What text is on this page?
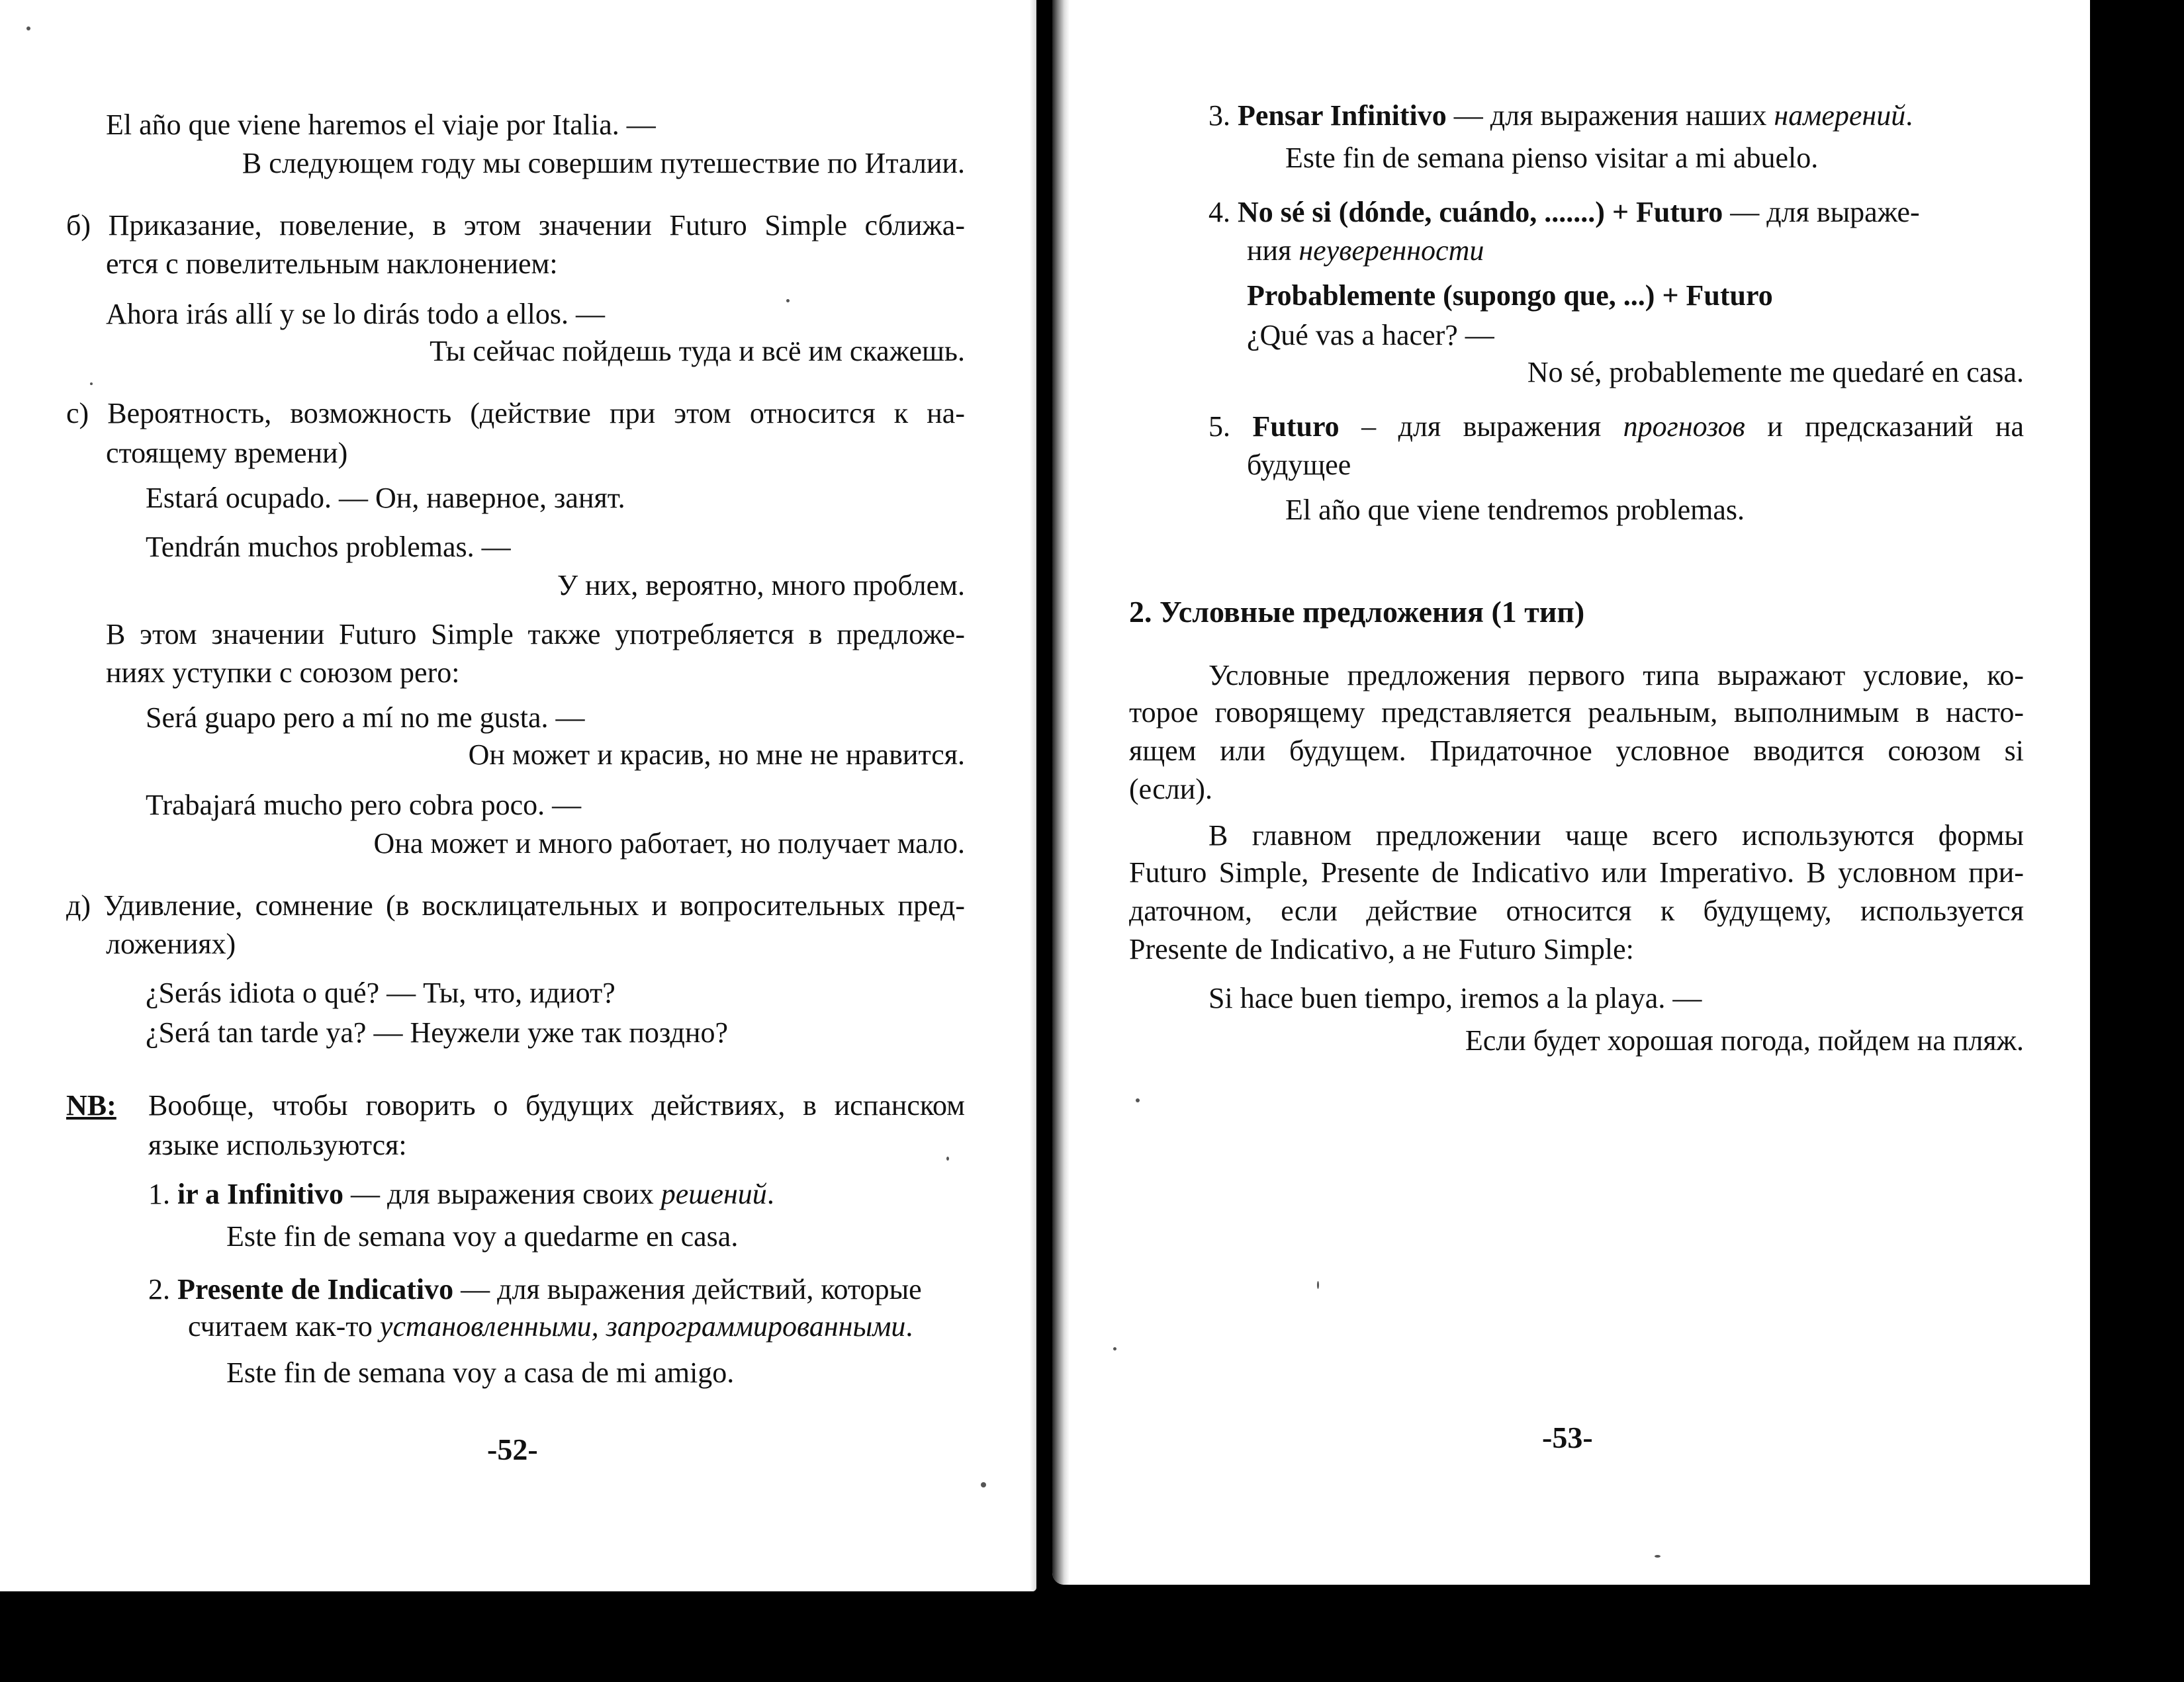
El año que viene haremos el viaje por Italia. —
В следующем году мы совершим путешествие по Италии.
б) Приказание, повеление, в этом значении Futuro Simple сближа-
ется с повелительным наклонением:
Ahora irás allí y se lo dirás todo a ellos. —
Ты сейчас пойдешь туда и всё им скажешь.
с) Вероятность, возможность (действие при этом относится к на-
стоящему времени)
Estará ocupado. — Он, наверное, занят.
Tendrán muchos problemas. —
У них, вероятно, много проблем.
В этом значении Futuro Simple также употребляется в предложе-
ниях уступки с союзом pero:
Será guapo pero a mí no me gusta. —
Он может и красив, но мне не нравится.
Trabajará mucho pero cobra poco. —
Она может и много работает, но получает мало.
д) Удивление, сомнение (в восклицательных и вопросительных пред-
ложениях)
¿Serás idiota o qué? — Ты, что, идиот?
¿Será tan tarde ya? — Неужели уже так поздно?
NB: Вообще, чтобы говорить о будущих действиях, в испанском
языке используются:
1. ir a Infinitivo — для выражения своих решений.
Este fin de semana voy a quedarme en casa.
2. Presente de Indicativo — для выражения действий, которые
считаем как-то установленными, запрограммированными.
Este fin de semana voy a casa de mi amigo.
-52-
3. Pensar Infinitivo — для выражения наших намерений.
Este fin de semana pienso visitar a mi abuelo.
4. No sé si (dónde, cuándo, .......) + Futuro — для выраже-
ния неуверенности
Probablemente (supongo que, ...) + Futuro
¿Qué vas a hacer? —
No sé, probablemente me quedaré en casa.
5. Futuro – для выражения прогнозов и предсказаний на
будущее
El año que viene tendremos problemas.
2. Условные предложения (1 тип)
Условные предложения первого типа выражают условие, ко-
торое говорящему представляется реальным, выполнимым в насто-
ящем или будущем. Придаточное условное вводится союзом si
(если).
В главном предложении чаще всего используются формы
Futuro Simple, Presente de Indicativo или Imperativo. В условном при-
даточном, если действие относится к будущему, используется
Presente de Indicativo, а не Futuro Simple:
Si hace buen tiempo, iremos a la playa. —
Если будет хорошая погода, пойдем на пляж.
-53-
